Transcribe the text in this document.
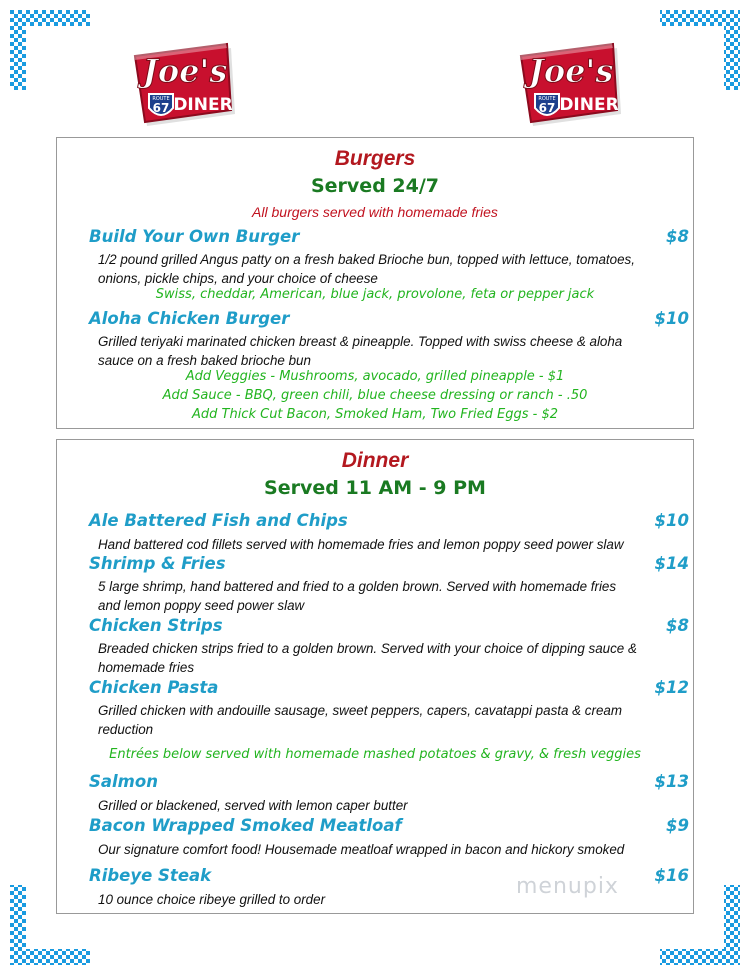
Joe's
DINER
ROUTE
67
Joe's
DINER
ROUTE
67
Burgers
Served 24/7
All burgers served with homemade fries
Build Your Own Burger	$8
1/2 pound grilled Angus patty on a fresh baked Brioche bun, topped with lettuce, tomatoes,
onions, pickle chips, and your choice of cheese
Swiss, cheddar, American, blue jack, provolone, feta or pepper jack
Aloha Chicken Burger	$10
Grilled teriyaki marinated chicken breast & pineapple. Topped with swiss cheese & aloha
sauce on a fresh baked brioche bun
Add Veggies - Mushrooms, avocado, grilled pineapple - $1
Add Sauce - BBQ, green chili, blue cheese dressing or ranch - .50
Add Thick Cut Bacon, Smoked Ham, Two Fried Eggs - $2
Dinner
Served 11 AM - 9 PM
Ale Battered Fish and Chips	$10
Hand battered cod fillets served with homemade fries and lemon poppy seed power slaw
Shrimp & Fries	$14
5 large shrimp, hand battered and fried to a golden brown. Served with homemade fries
and lemon poppy seed power slaw
Chicken Strips	$8
Breaded chicken strips fried to a golden brown. Served with your choice of dipping sauce &
homemade fries
Chicken Pasta	$12
Grilled chicken with andouille sausage, sweet peppers, capers, cavatappi pasta & cream
reduction
Entrées below served with homemade mashed potatoes & gravy, & fresh veggies
Salmon	$13
Grilled or blackened, served with lemon caper butter
Bacon Wrapped Smoked Meatloaf	$9
Our signature comfort food! Housemade meatloaf wrapped in bacon and hickory smoked
Ribeye Steak	$16
10 ounce choice ribeye grilled to order
menupix
